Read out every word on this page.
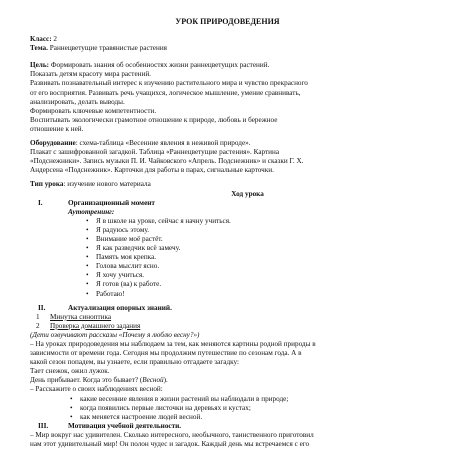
УРОК ПРИРОДОВЕДЕНИЯ
Класс: 2
Тема. Раннецветущие травянистые растения
Цель: Формировать знания об особенностях жизни раннецветущих растений.
Показать детям красоту мира растений.
Развивать познавательный интерес к изучению растительного мира и чувство прекрасного
от его восприятия. Развивать речь учащихся, логическое мышление, умение сравнивать,
анализировать, делать выводы.
Формировать ключевые компетентности.
Воспитывать экологически грамотное отношение к природе, любовь и бережное
отношение к ней.
Оборудование: схема-таблица «Весенние явления в неживой природе».
Плакат с зашифрованной загадкой. Таблица «Раннецветущие растения». Картина
«Подснежники». Запись музыки П. И. Чайковского «Апрель. Подснежник» и сказки Г. Х.
Андерсена «Подснежник». Карточки для работы в парах, сигнальные карточки.
Тип урока: изучение нового материала
Ход урока
I.	Организационный момент
Аутотренинг:
• Я в школе на уроке, сейчас я начну учиться.
• Я радуюсь этому.
• Внимание моё растёт.
• Я как разведчик всё замечу.
• Память моя крепка.
• Голова мыслит ясно.
• Я хочу учиться.
• Я готов (ва) к работе.
• Работаю!
II.	Актуализация опорных знаний.
1	Минутка синоптика
2	Проверка домашнего задания
(Дети озвучивают рассказы «Почему я люблю весну?»)
– На уроках природоведения мы наблюдаем за тем, как меняются картины родной природы в
зависимости от времени года. Сегодня мы продолжим путешествие по сезонам года. А в
какой сезон попадем, вы узнаете, если правильно отгадаете загадку:
Тает снежок, ожил лужок.
День прибывает. Когда это бывает? (Весной).
– Расскажите о своих наблюдениях весной:
• какие весенние явления в жизни растений вы наблюдали в природе;
• когда появились первые листочки на деревьях и кустах;
• как меняется настроение людей весной.
III.	Мотивация учебной деятельности.
– Мир вокруг нас удивителен. Сколько интересного, необычного, таинственного приготовил
нам этот удивительный мир! Он полон чудес и загадок. Каждый день мы встречаемся с его
